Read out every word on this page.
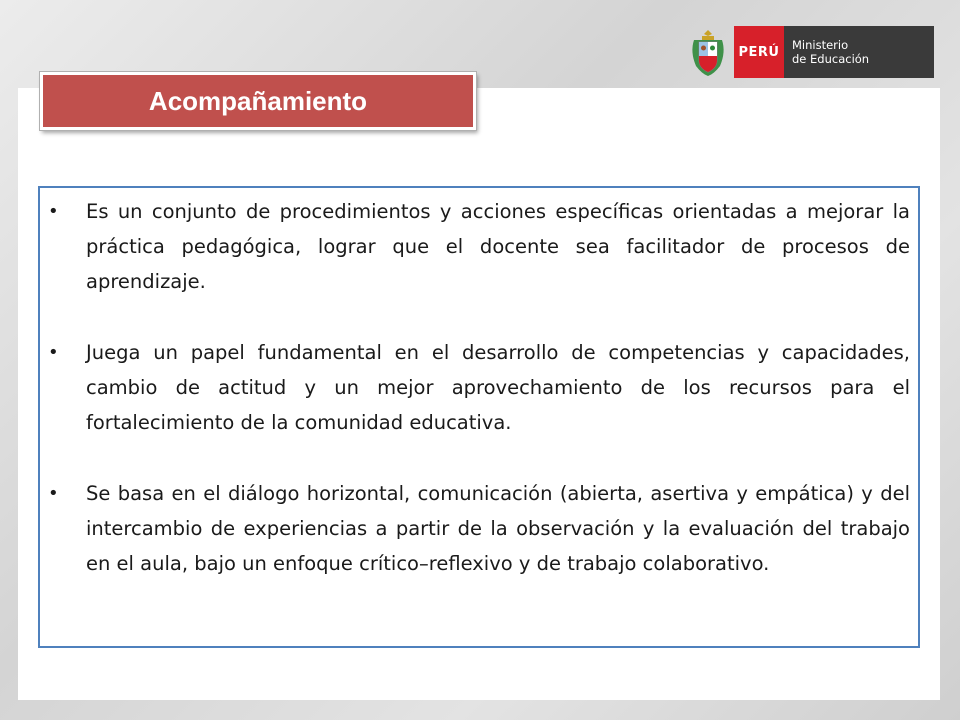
PERÚ	Ministerio
de Educación
Acompañamiento
• Es un conjunto de procedimientos y acciones específicas orientadas a mejorar la práctica pedagógica, lograr que el docente sea facilitador de procesos de aprendizaje.
• Juega un papel fundamental en el desarrollo de competencias y capacidades, cambio de actitud y un mejor aprovechamiento de los recursos para el fortalecimiento de la comunidad educativa.
• Se basa en el diálogo horizontal, comunicación (abierta, asertiva y empática) y del intercambio de experiencias a partir de la observación y la evaluación del trabajo en el aula, bajo un enfoque crítico–reflexivo y de trabajo colaborativo.
